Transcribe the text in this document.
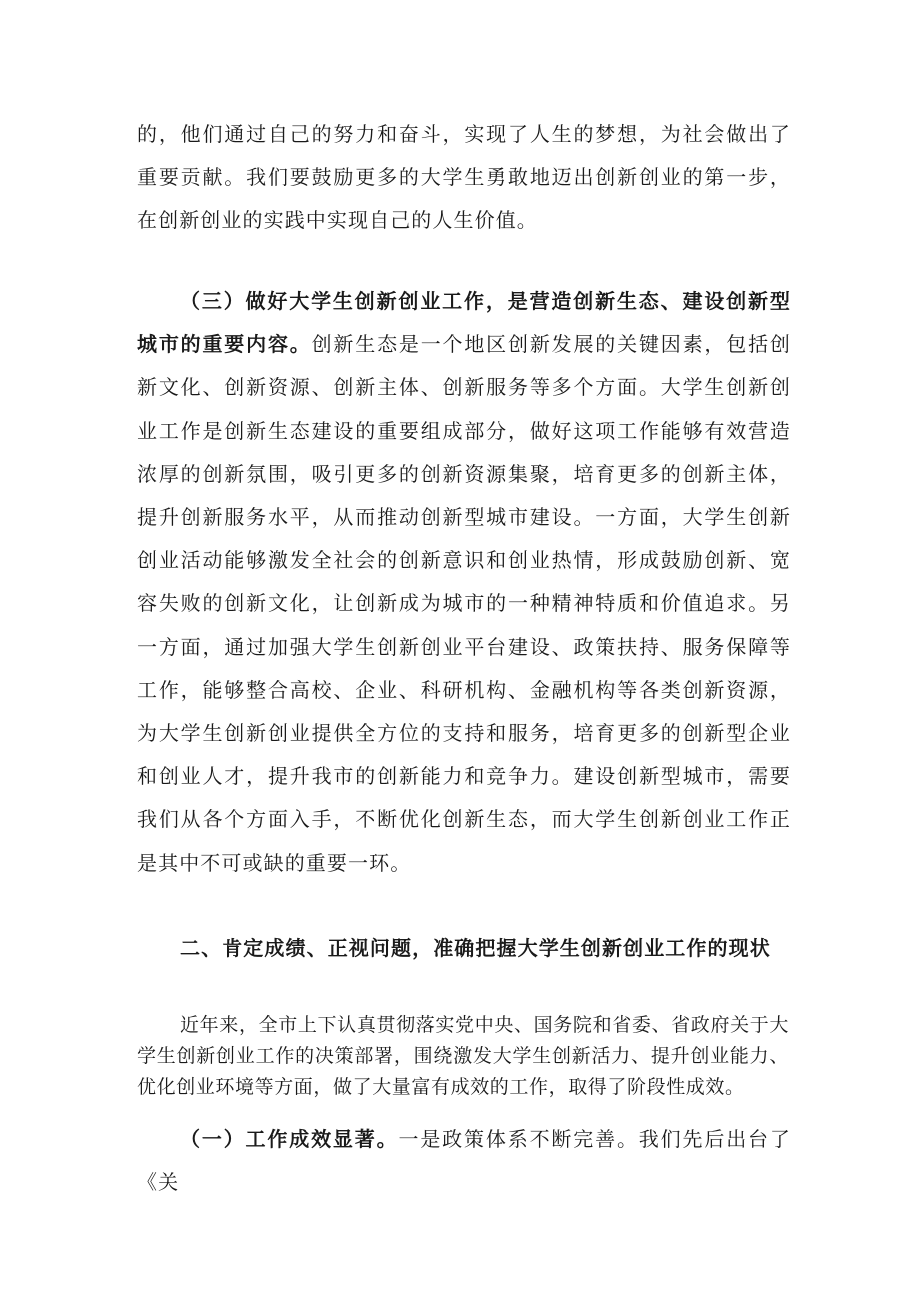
的，他们通过自己的努力和奋斗，实现了人生的梦想，为社会做出了重要贡献。我们要鼓励更多的大学生勇敢地迈出创新创业的第一步，在创新创业的实践中实现自己的人生价值。

（三）做好大学生创新创业工作，是营造创新生态、建设创新型城市的重要内容。创新生态是一个地区创新发展的关键因素，包括创新文化、创新资源、创新主体、创新服务等多个方面。大学生创新创业工作是创新生态建设的重要组成部分，做好这项工作能够有效营造浓厚的创新氛围，吸引更多的创新资源集聚，培育更多的创新主体，提升创新服务水平，从而推动创新型城市建设。一方面，大学生创新创业活动能够激发全社会的创新意识和创业热情，形成鼓励创新、宽容失败的创新文化，让创新成为城市的一种精神特质和价值追求。另一方面，通过加强大学生创新创业平台建设、政策扶持、服务保障等工作，能够整合高校、企业、科研机构、金融机构等各类创新资源，为大学生创新创业提供全方位的支持和服务，培育更多的创新型企业和创业人才，提升我市的创新能力和竞争力。建设创新型城市，需要我们从各个方面入手，不断优化创新生态，而大学生创新创业工作正是其中不可或缺的重要一环。

二、肯定成绩、正视问题，准确把握大学生创新创业工作的现状

近年来，全市上下认真贯彻落实党中央、国务院和省委、省政府关于大学生创新创业工作的决策部署，围绕激发大学生创新活力、提升创业能力、优化创业环境等方面，做了大量富有成效的工作，取得了阶段性成效。

（一）工作成效显著。一是政策体系不断完善。我们先后出台了《关
